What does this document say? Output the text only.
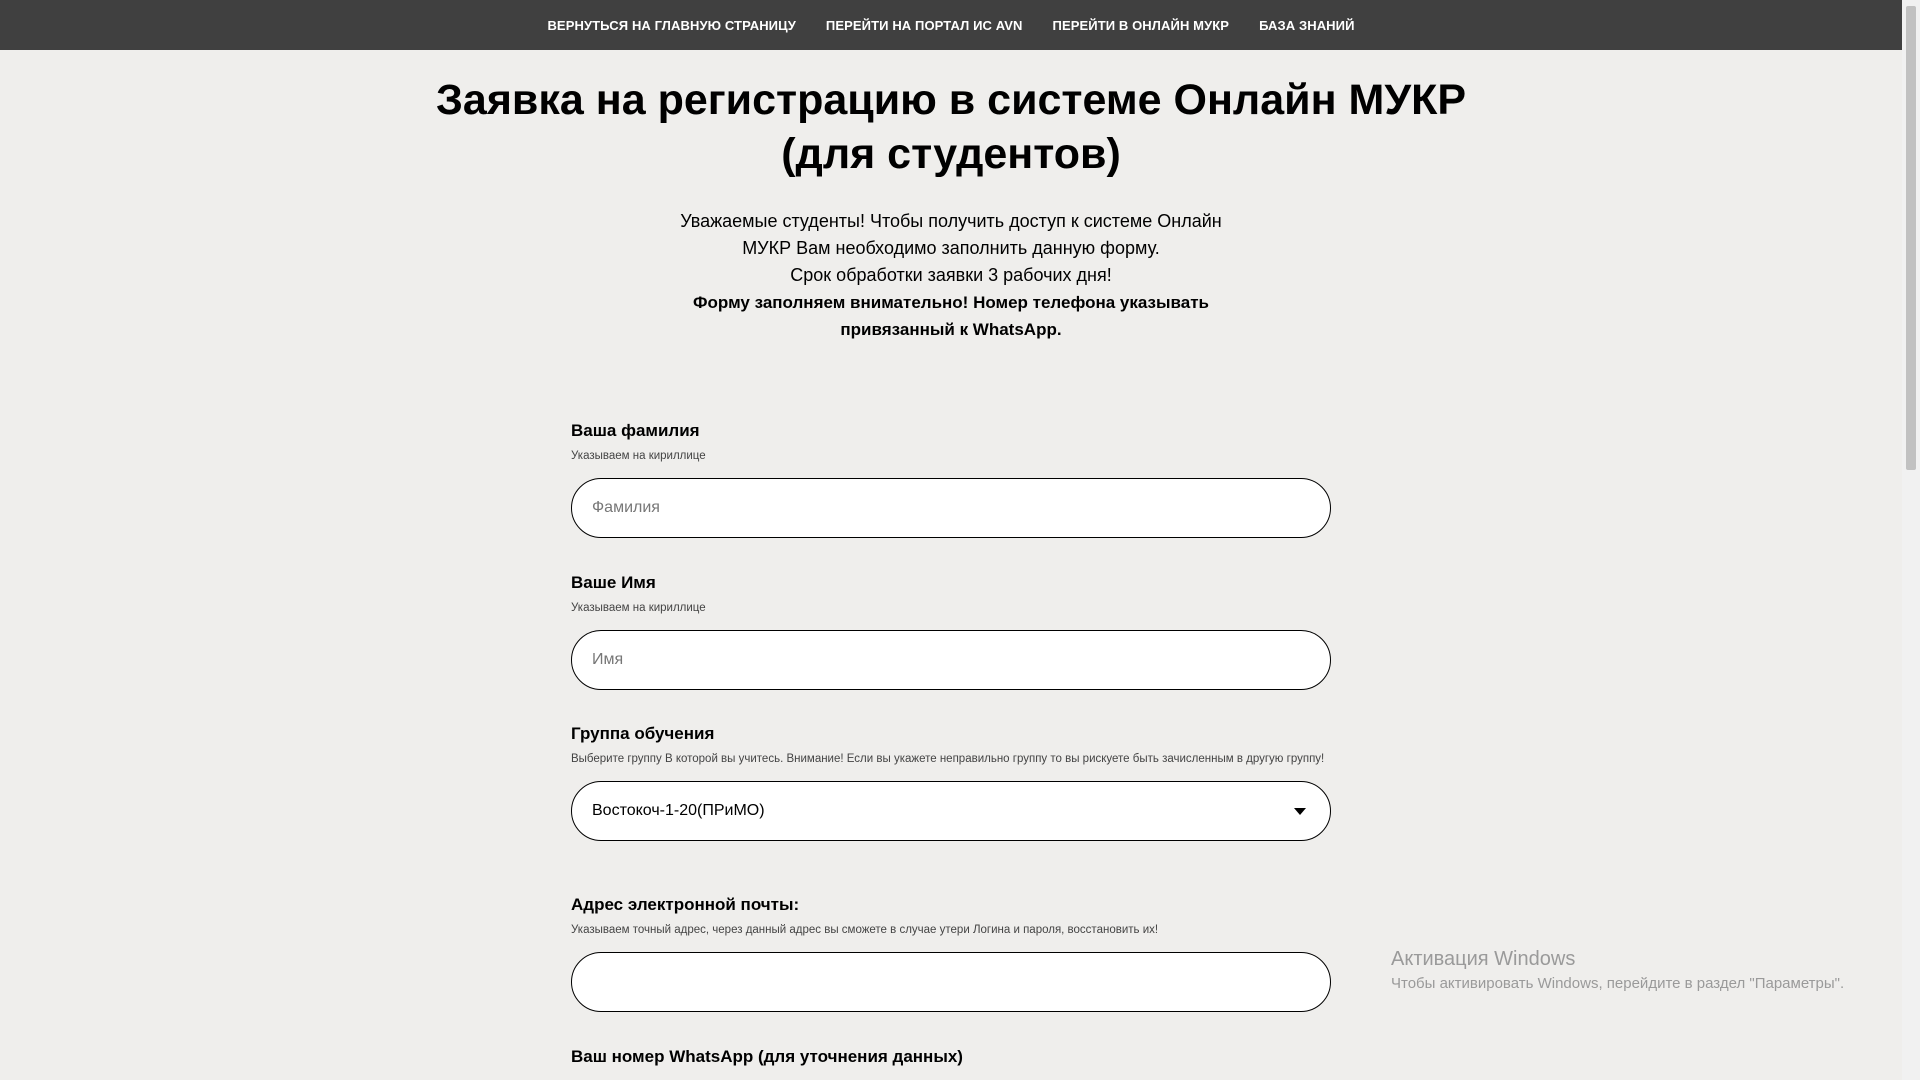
ВЕРНУТЬСЯ НА ГЛАВНУЮ СТРАНИЦУ ПЕРЕЙТИ НА ПОРТАЛ ИС AVN ПЕРЕЙТИ В ОНЛАЙН МУКР БАЗА ЗНАНИЙ
Заявка на регистрацию в системе Онлайн МУКР
(для студентов)
Уважаемые студенты! Чтобы получить доступ к системе Онлайн
МУКР Вам необходимо заполнить данную форму.
Срок обработки заявки 3 рабочих дня!
Форму заполняем внимательно! Номер телефона указывать
привязанный к WhatsApp.
Ваша фамилия
Указываем на кириллице
Фамилия
Ваше Имя
Указываем на кириллице
Имя
Группа обучения
Выберите группу В которой вы учитесь. Внимание! Если вы укажете неправильно группу то вы рискуете быть зачисленным в другую группу!
Востокоч-1-20(ПРиМО)
Адрес электронной почты:
Указываем точный адрес, через данный адрес вы сможете в случае утери Логина и пароля, восстановить их!
Ваш номер WhatsApp (для уточнения данных)
Активация Windows
Чтобы активировать Windows, перейдите в раздел "Параметры".
